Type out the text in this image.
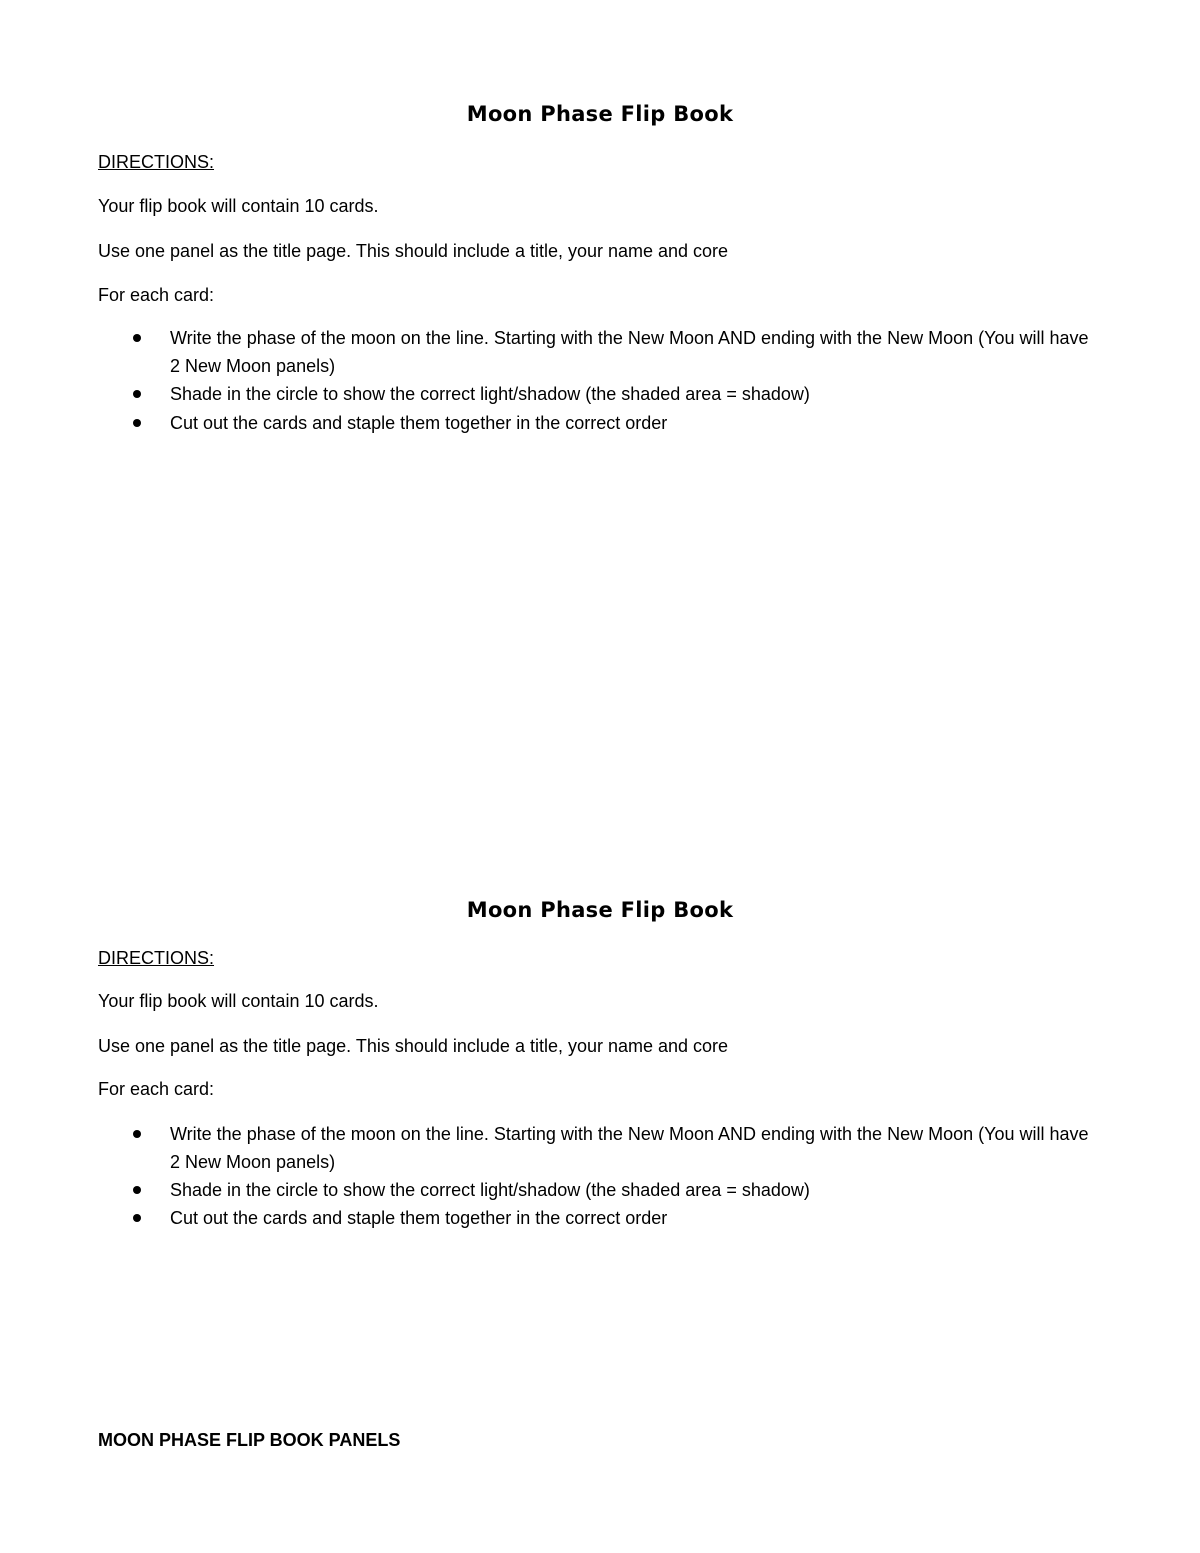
Moon Phase Flip Book
DIRECTIONS:
Your flip book will contain 10 cards.
Use one panel as the title page. This should include a title, your name and core
For each card:
Write the phase of the moon on the line. Starting with the New Moon AND ending with the New Moon (You will have 2 New Moon panels)
Shade in the circle to show the correct light/shadow (the shaded area = shadow)
Cut out the cards and staple them together in the correct order
Moon Phase Flip Book
DIRECTIONS:
Your flip book will contain 10 cards.
Use one panel as the title page. This should include a title, your name and core
For each card:
Write the phase of the moon on the line. Starting with the New Moon AND ending with the New Moon (You will have 2 New Moon panels)
Shade in the circle to show the correct light/shadow (the shaded area = shadow)
Cut out the cards and staple them together in the correct order
MOON PHASE FLIP BOOK PANELS
